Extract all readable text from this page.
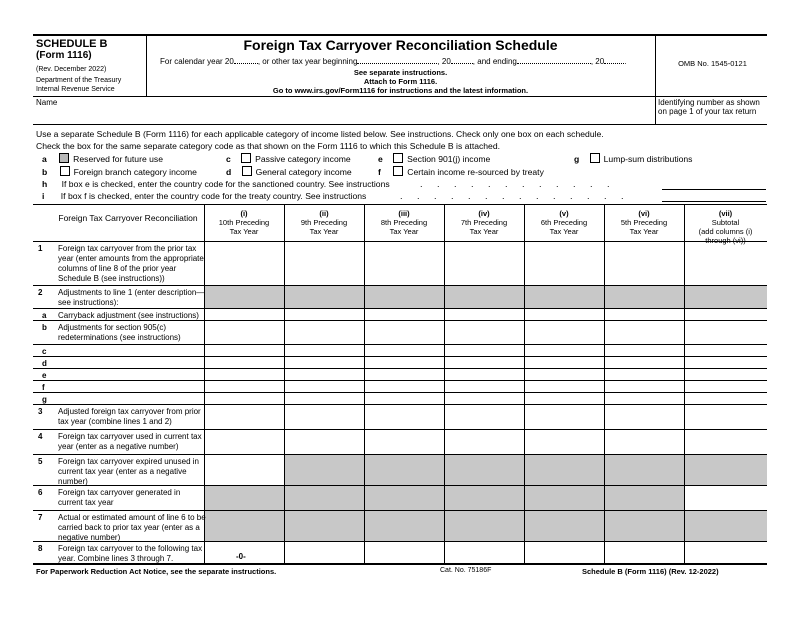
SCHEDULE B
(Form 1116)
(Rev. December 2022)
Department of the Treasury
Internal Revenue Service
Foreign Tax Carryover Reconciliation Schedule
For calendar year 20	, or other tax year beginning	, 20	, and ending	, 20	.
See separate instructions.
Attach to Form 1116.
Go to www.irs.gov/Form1116 for instructions and the latest information.
OMB No. 1545-0121
Name	Identifying number as shown on page 1 of your tax return
Use a separate Schedule B (Form 1116) for each applicable category of income listed below. See instructions. Check only one box on each schedule.
Check the box for the same separate category code as that shown on the Form 1116 to which this Schedule B is attached.
a	Reserved for future use	c	Passive category income	e	Section 901(j) income	g	Lump-sum distributions
b	Foreign branch category income	d	General category income	f	Certain income re-sourced by treaty
h If box e is checked, enter the country code for the sanctioned country. See instructions	. . . . . . . . . . . .
i If box f is checked, enter the country code for the treaty country. See instructions	. . . . . . . . . . . . . .
Foreign Tax Carryover Reconciliation	(i)
10th Preceding
Tax Year
(ii)
9th Preceding
Tax Year
(iii)
8th Preceding
Tax Year
(iv)
7th Preceding
Tax Year
(v)
6th Preceding
Tax Year
(vi)
5th Preceding
Tax Year
(vii)
Subtotal
(add columns (i)
through (vi))
1 Foreign tax carryover from the prior tax year (enter amounts from the appropriate columns of line 8 of the prior year Schedule B (see instructions))
2 Adjustments to line 1 (enter description—see instructions):
a Carryback adjustment (see instructions)
b Adjustments for section 905(c) redeterminations (see instructions)
c
d
e
f
g
3 Adjusted foreign tax carryover from prior tax year (combine lines 1 and 2)
4 Foreign tax carryover used in current tax year (enter as a negative number)
5 Foreign tax carryover expired unused in current tax year (enter as a negative number)
6 Foreign tax carryover generated in current tax year
7 Actual or estimated amount of line 6 to be carried back to prior tax year (enter as a negative number)
8 Foreign tax carryover to the following tax year. Combine lines 3 through 7.	-0-
For Paperwork Reduction Act Notice, see the separate instructions.	Cat. No. 75186F	Schedule B (Form 1116) (Rev. 12-2022)
